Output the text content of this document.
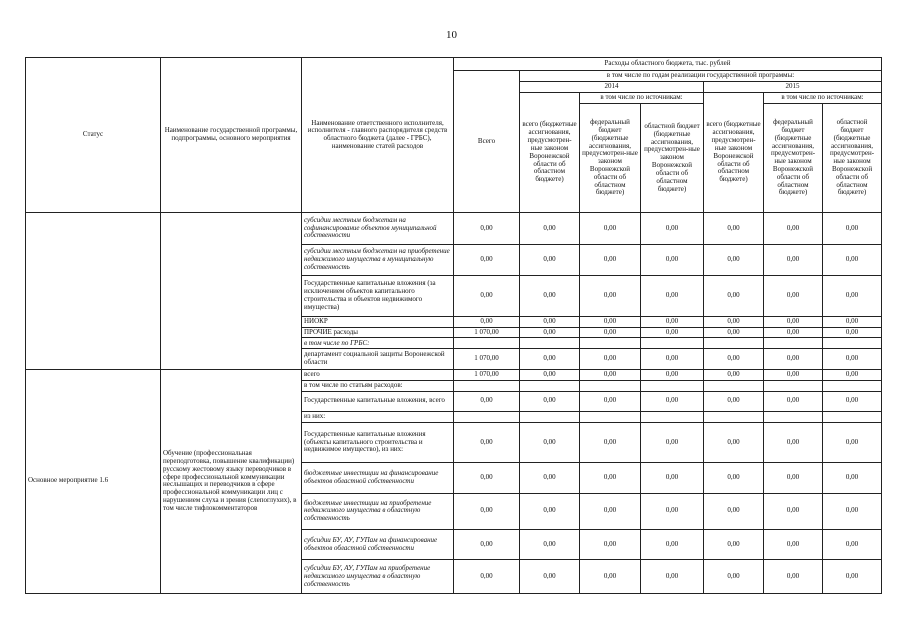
10
Статус	Наименование государственной программы, подпрограммы, основного мероприятия	Наименование ответственного исполнителя, исполнителя - главного распорядителя средств областного бюджета (далее - ГРБС), наименование статей расходов	Расходы областного бюджета, тыс. рублей						
			Всего	в том числе по годам реализации государственной программы:					
				2014			2015		
				всего (бюджетные ассигнования, предусмотрен-ные законом Воронежской области об областном бюджете)	в том числе по источникам:		всего (бюджетные ассигнования, предусмотрен-ные законом Воронежской области об областном бюджете)	в том числе по источникам:	
					федеральный бюджет (бюджетные ассигнования, предусмотрен-ные законом Воронежской области об областном бюджете)	областной бюджет (бюджетные ассигнования, предусмотрен-ные законом Воронежской области об областном бюджете)		федеральный бюджет (бюджетные ассигнования, предусмотрен-ные законом Воронежской области об областном бюджете)	областной бюджет (бюджетные ассигнования, предусмотрен-ные законом Воронежской области об областном бюджете)
		субсидии местным бюджетам на софинансирование объектов муниципальной собственности	0,00	0,00	0,00	0,00	0,00	0,00	0,00
		субсидии местным бюджетам на приобретение недвижимого имущества в муниципальную собственность	0,00	0,00	0,00	0,00	0,00	0,00	0,00
		Государственные капитальные вложения (за исключением объектов капитального строительства и объектов недвижимого имущества)	0,00	0,00	0,00	0,00	0,00	0,00	0,00
		НИОКР	0,00	0,00	0,00	0,00	0,00	0,00	0,00
		ПРОЧИЕ расходы	1 070,00	0,00	0,00	0,00	0,00	0,00	0,00
		в том числе по ГРБС:							
		департамент социальной защиты Воронежской области	1 070,00	0,00	0,00	0,00	0,00	0,00	0,00
Основное мероприятие 1.6	Обучение (профессиональная переподготовка, повышение квалификации) русскому жестовому языку переводчиков в сфере профессиональной коммуникации неслышащих и переводчиков в сфере профессиональной коммуникации лиц с нарушением слуха и зрения (слепоглухих), в том числе тифлокомментаторов	всего	1 070,00	0,00	0,00	0,00	0,00	0,00	0,00
		в том числе по статьям расходов:							
		Государственные капитальные вложения, всего	0,00	0,00	0,00	0,00	0,00	0,00	0,00
		из них:							
		Государственные капитальные вложения (объекты капитального строительства и недвижимое имущество), из них:	0,00	0,00	0,00	0,00	0,00	0,00	0,00
		бюджетные инвестиции на финансирование объектов областной собственности	0,00	0,00	0,00	0,00	0,00	0,00	0,00
		бюджетные инвестиции на приобретение недвижимого имущества в областную собственность	0,00	0,00	0,00	0,00	0,00	0,00	0,00
		субсидии БУ, АУ, ГУПам на финансирование объектов областной собственности	0,00	0,00	0,00	0,00	0,00	0,00	0,00
		субсидии БУ, АУ, ГУПам на приобретение недвижимого имущества в областную собственность	0,00	0,00	0,00	0,00	0,00	0,00	0,00
